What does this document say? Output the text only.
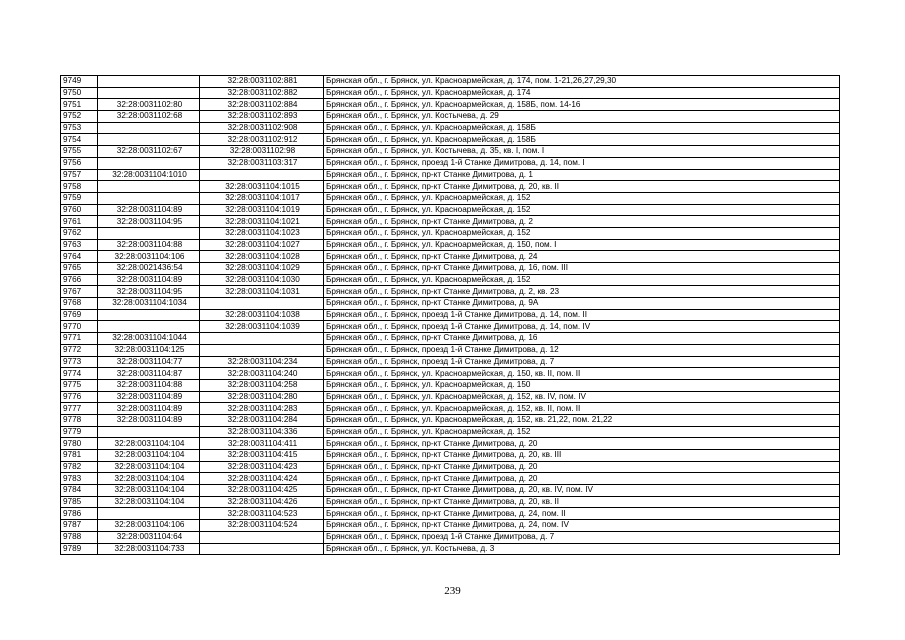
9749		32:28:0031102:881	Брянская обл., г. Брянск, ул. Красноармейская, д. 174, пом. 1-21,26,27,29,30
9750		32:28:0031102:882	Брянская обл., г. Брянск, ул. Красноармейская, д. 174
9751	32:28:0031102:80	32:28:0031102:884	Брянская обл., г. Брянск, ул. Красноармейская, д. 158Б, пом. 14-16
9752	32:28:0031102:68	32:28:0031102:893	Брянская обл., г. Брянск, ул. Костычева, д. 29
9753		32:28:0031102:908	Брянская обл., г. Брянск, ул. Красноармейская, д. 158Б
9754		32:28:0031102:912	Брянская обл., г. Брянск, ул. Красноармейская, д. 158Б
9755	32:28:0031102:67	32:28:0031102:98	Брянская обл., г. Брянск, ул. Костычева, д. 35, кв. I, пом. I
9756		32:28:0031103:317	Брянская обл., г. Брянск, проезд 1-й Станке Димитрова, д. 14, пом. I
9757	32:28:0031104:1010		Брянская обл., г. Брянск, пр-кт Станке Димитрова, д. 1
9758		32:28:0031104:1015	Брянская обл., г. Брянск, пр-кт Станке Димитрова, д. 20, кв. II
9759		32:28:0031104:1017	Брянская обл., г. Брянск, ул. Красноармейская, д. 152
9760	32:28:0031104:89	32:28:0031104:1019	Брянская обл., г. Брянск, ул. Красноармейская, д. 152
9761	32:28:0031104:95	32:28:0031104:1021	Брянская обл., г. Брянск, пр-кт Станке Димитрова, д. 2
9762		32:28:0031104:1023	Брянская обл., г. Брянск, ул. Красноармейская, д. 152
9763	32:28:0031104:88	32:28:0031104:1027	Брянская обл., г. Брянск, ул. Красноармейская, д. 150, пом. I
9764	32:28:0031104:106	32:28:0031104:1028	Брянская обл., г. Брянск, пр-кт Станке Димитрова, д. 24
9765	32:28:0021436:54	32:28:0031104:1029	Брянская обл., г. Брянск, пр-кт Станке Димитрова, д. 16, пом. III
9766	32:28:0031104:89	32:28:0031104:1030	Брянская обл., г. Брянск, ул. Красноармейская, д. 152
9767	32:28:0031104:95	32:28:0031104:1031	Брянская обл., г. Брянск, пр-кт Станке Димитрова, д. 2, кв. 23
9768	32:28:0031104:1034		Брянская обл., г. Брянск, пр-кт Станке Димитрова, д. 9А
9769		32:28:0031104:1038	Брянская обл., г. Брянск, проезд 1-й Станке Димитрова, д. 14, пом. II
9770		32:28:0031104:1039	Брянская обл., г. Брянск, проезд 1-й Станке Димитрова, д. 14, пом. IV
9771	32:28:0031104:1044		Брянская обл., г. Брянск, пр-кт Станке Димитрова, д. 16
9772	32:28:0031104:125		Брянская обл., г. Брянск, проезд 1-й Станке Димитрова, д. 12
9773	32:28:0031104:77	32:28:0031104:234	Брянская обл., г. Брянск, проезд 1-й Станке Димитрова, д. 7
9774	32:28:0031104:87	32:28:0031104:240	Брянская обл., г. Брянск, ул. Красноармейская, д. 150, кв. II, пом. II
9775	32:28:0031104:88	32:28:0031104:258	Брянская обл., г. Брянск, ул. Красноармейская, д. 150
9776	32:28:0031104:89	32:28:0031104:280	Брянская обл., г. Брянск, ул. Красноармейская, д. 152, кв. IV, пом. IV
9777	32:28:0031104:89	32:28:0031104:283	Брянская обл., г. Брянск, ул. Красноармейская, д. 152, кв. II, пом. II
9778	32:28:0031104:89	32:28:0031104:284	Брянская обл., г. Брянск, ул. Красноармейская, д. 152, кв. 21,22, пом. 21,22
9779		32:28:0031104:336	Брянская обл., г. Брянск, ул. Красноармейская, д. 152
9780	32:28:0031104:104	32:28:0031104:411	Брянская обл., г. Брянск, пр-кт Станке Димитрова, д. 20
9781	32:28:0031104:104	32:28:0031104:415	Брянская обл., г. Брянск, пр-кт Станке Димитрова, д. 20, кв. III
9782	32:28:0031104:104	32:28:0031104:423	Брянская обл., г. Брянск, пр-кт Станке Димитрова, д. 20
9783	32:28:0031104:104	32:28:0031104:424	Брянская обл., г. Брянск, пр-кт Станке Димитрова, д. 20
9784	32:28:0031104:104	32:28:0031104:425	Брянская обл., г. Брянск, пр-кт Станке Димитрова, д. 20, кв. IV, пом. IV
9785	32:28:0031104:104	32:28:0031104:426	Брянская обл., г. Брянск, пр-кт Станке Димитрова, д. 20, кв. II
9786		32:28:0031104:523	Брянская обл., г. Брянск, пр-кт Станке Димитрова, д. 24, пом. II
9787	32:28:0031104:106	32:28:0031104:524	Брянская обл., г. Брянск, пр-кт Станке Димитрова, д. 24, пом. IV
9788	32:28:0031104:64		Брянская обл., г. Брянск, проезд 1-й Станке Димитрова, д. 7
9789	32:28:0031104:733		Брянская обл., г. Брянск, ул. Костычева, д. 3
239
